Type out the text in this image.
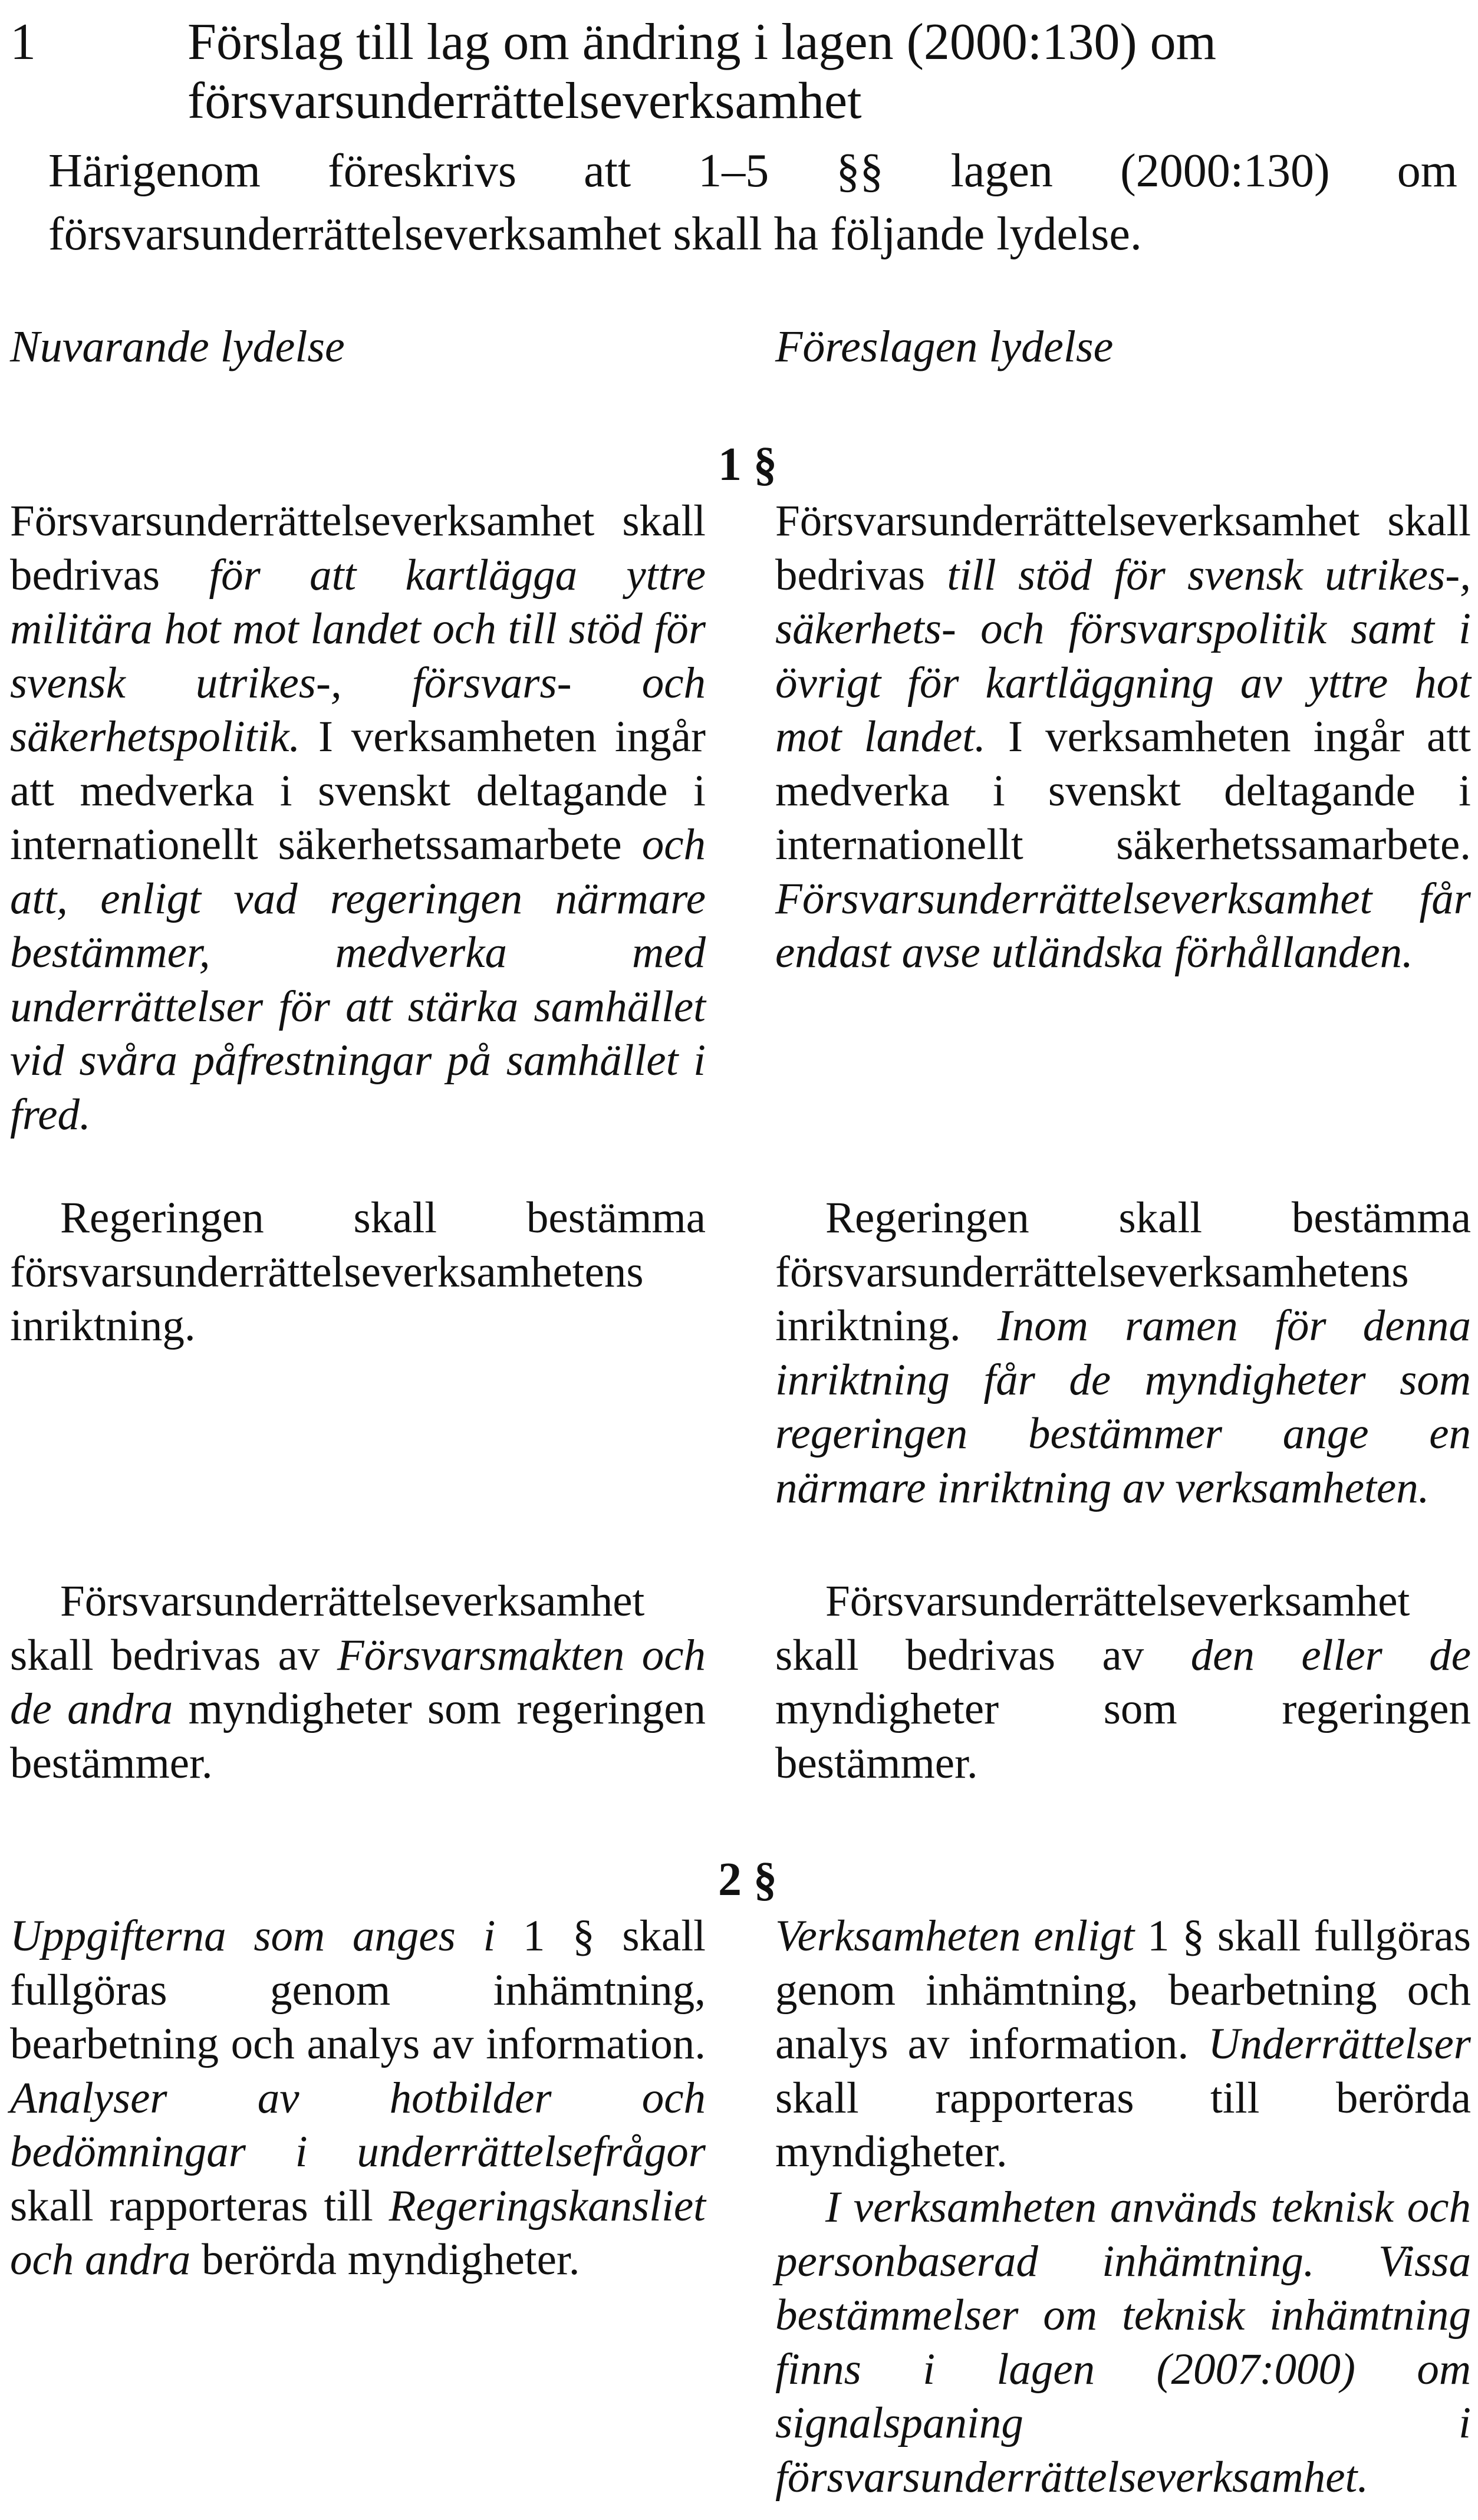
1	Förslag till lag om ändring i lagen (2000:130) om
försvarsunderrättelseverksamhet
Härigenom föreskrivs att 1–5 §§ lagen (2000:130) om försvarsunderrättelseverksamhet skall ha följande lydelse.
Nuvarande lydelse	Föreslagen lydelse
1 §
Försvarsunderrättelseverksamhet skall bedrivas för att kartlägga yttre militära hot mot landet och till stöd för svensk utrikes-, försvars- och säkerhetspolitik. I verksamheten ingår att medverka i svenskt deltagande i internationellt säkerhetssamarbete och att, enligt vad regeringen närmare bestämmer, medverka med underrättelser för att stärka samhället vid svåra påfrestningar på samhället i fred.
Försvarsunderrättelseverksamhet skall bedrivas till stöd för svensk utrikes-, säkerhets- och försvarspolitik samt i övrigt för kartläggning av yttre hot mot landet. I verksamheten ingår att medverka i svenskt deltagande i internationellt säkerhetssamarbete. Försvarsunderrättelseverksamhet får endast avse utländska förhållanden.
Regeringen skall bestämma försvarsunderrättelseverksamhetens inriktning.
Regeringen skall bestämma försvarsunderrättelseverksamhetens inriktning. Inom ramen för denna inriktning får de myndigheter som regeringen bestämmer ange en närmare inriktning av verksamheten.
Försvarsunderrättelseverksamhet skall bedrivas av Försvarsmakten och de andra myndigheter som regeringen bestämmer.
Försvarsunderrättelseverksamhet skall bedrivas av den eller de myndigheter som regeringen bestämmer.
2 §
Uppgifterna som anges i 1 § skall fullgöras genom inhämtning, bearbetning och analys av information. Analyser av hotbilder och bedömningar i underrättelsefrågor skall rapporteras till Regeringskansliet och andra berörda myndigheter.
Verksamheten enligt 1 § skall fullgöras genom inhämtning, bearbetning och analys av information. Underrättelser skall rapporteras till berörda myndigheter.
I verksamheten används teknisk och personbaserad inhämtning. Vissa bestämmelser om teknisk inhämtning finns i lagen (2007:000) om signalspaning i försvarsunderrättelseverksamhet.
